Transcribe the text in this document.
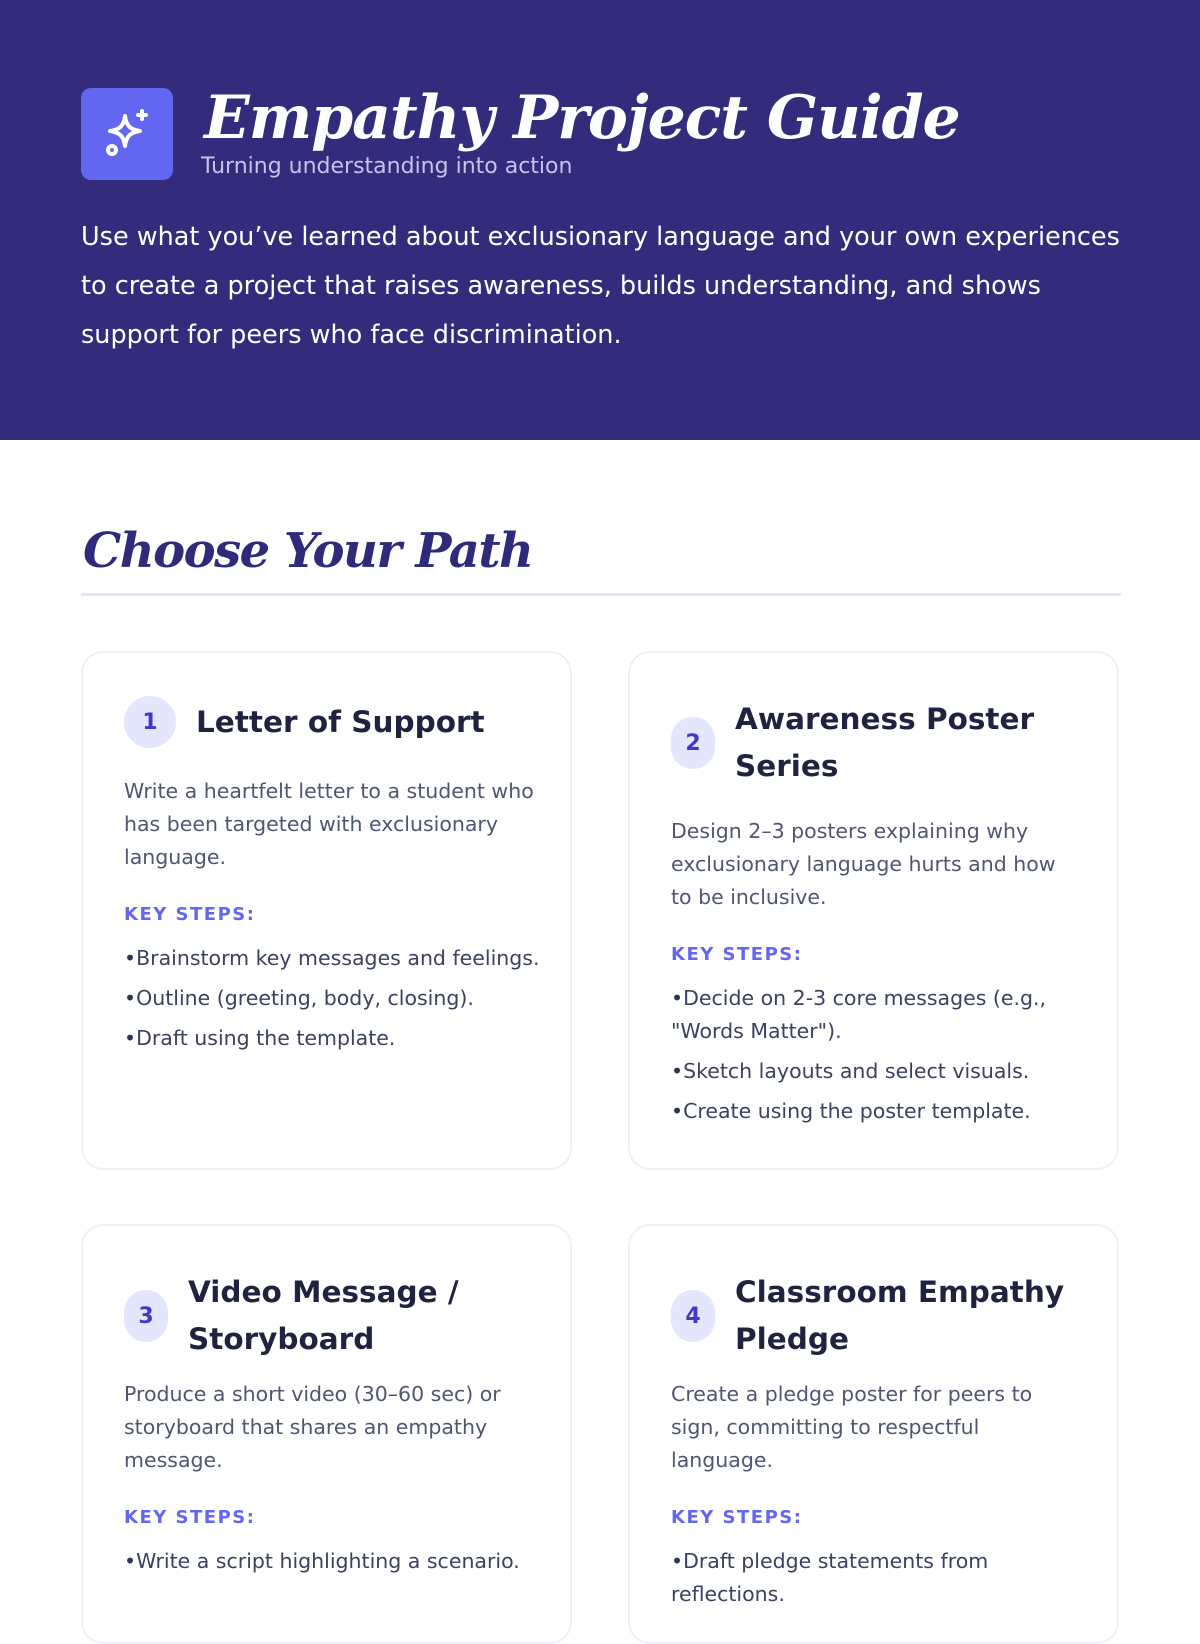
Empathy Project Guide
Turning understanding into action

Use what you’ve learned about exclusionary language and your own experiences to create a project that raises awareness, builds understanding, and shows support for peers who face discrimination.

Choose Your Path
1	Letter of Support

Write a heartfelt letter to a student who has been targeted with exclusionary language.

KEY STEPS:
• Brainstorm key messages and feelings.
• Outline (greeting, body, closing).
• Draft using the template.
2
Awareness Poster Series

Design 2–3 posters explaining why exclusionary language hurts and how to be inclusive.

KEY STEPS:
• Decide on 2-3 core messages (e.g., "Words Matter").
• Sketch layouts and select visuals.
• Create using the poster template.
3
Video Message / Storyboard

Produce a short video (30–60 sec) or storyboard that shares an empathy message.

KEY STEPS:
• Write a script highlighting a scenario.
4
Classroom Empathy Pledge

Create a pledge poster for peers to sign, committing to respectful language.

KEY STEPS:
• Draft pledge statements from reflections.
